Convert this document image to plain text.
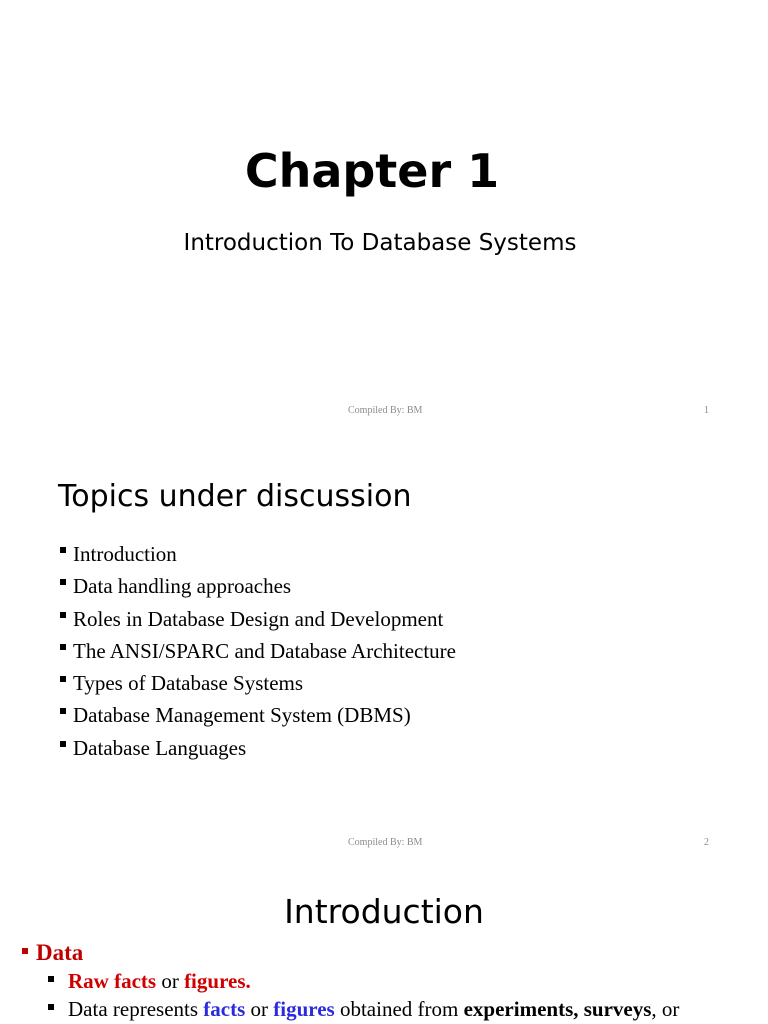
Chapter 1
Introduction To Database Systems
Compiled By: BM	1
Topics under discussion
Introduction
Data handling approaches
Roles in Database Design and Development
The ANSI/SPARC and Database Architecture
Types of Database Systems
Database Management System (DBMS)
Database Languages
Compiled By: BM	2
Introduction
Data
Raw facts or figures.
Data represents facts or figures obtained from experiments, surveys, or
